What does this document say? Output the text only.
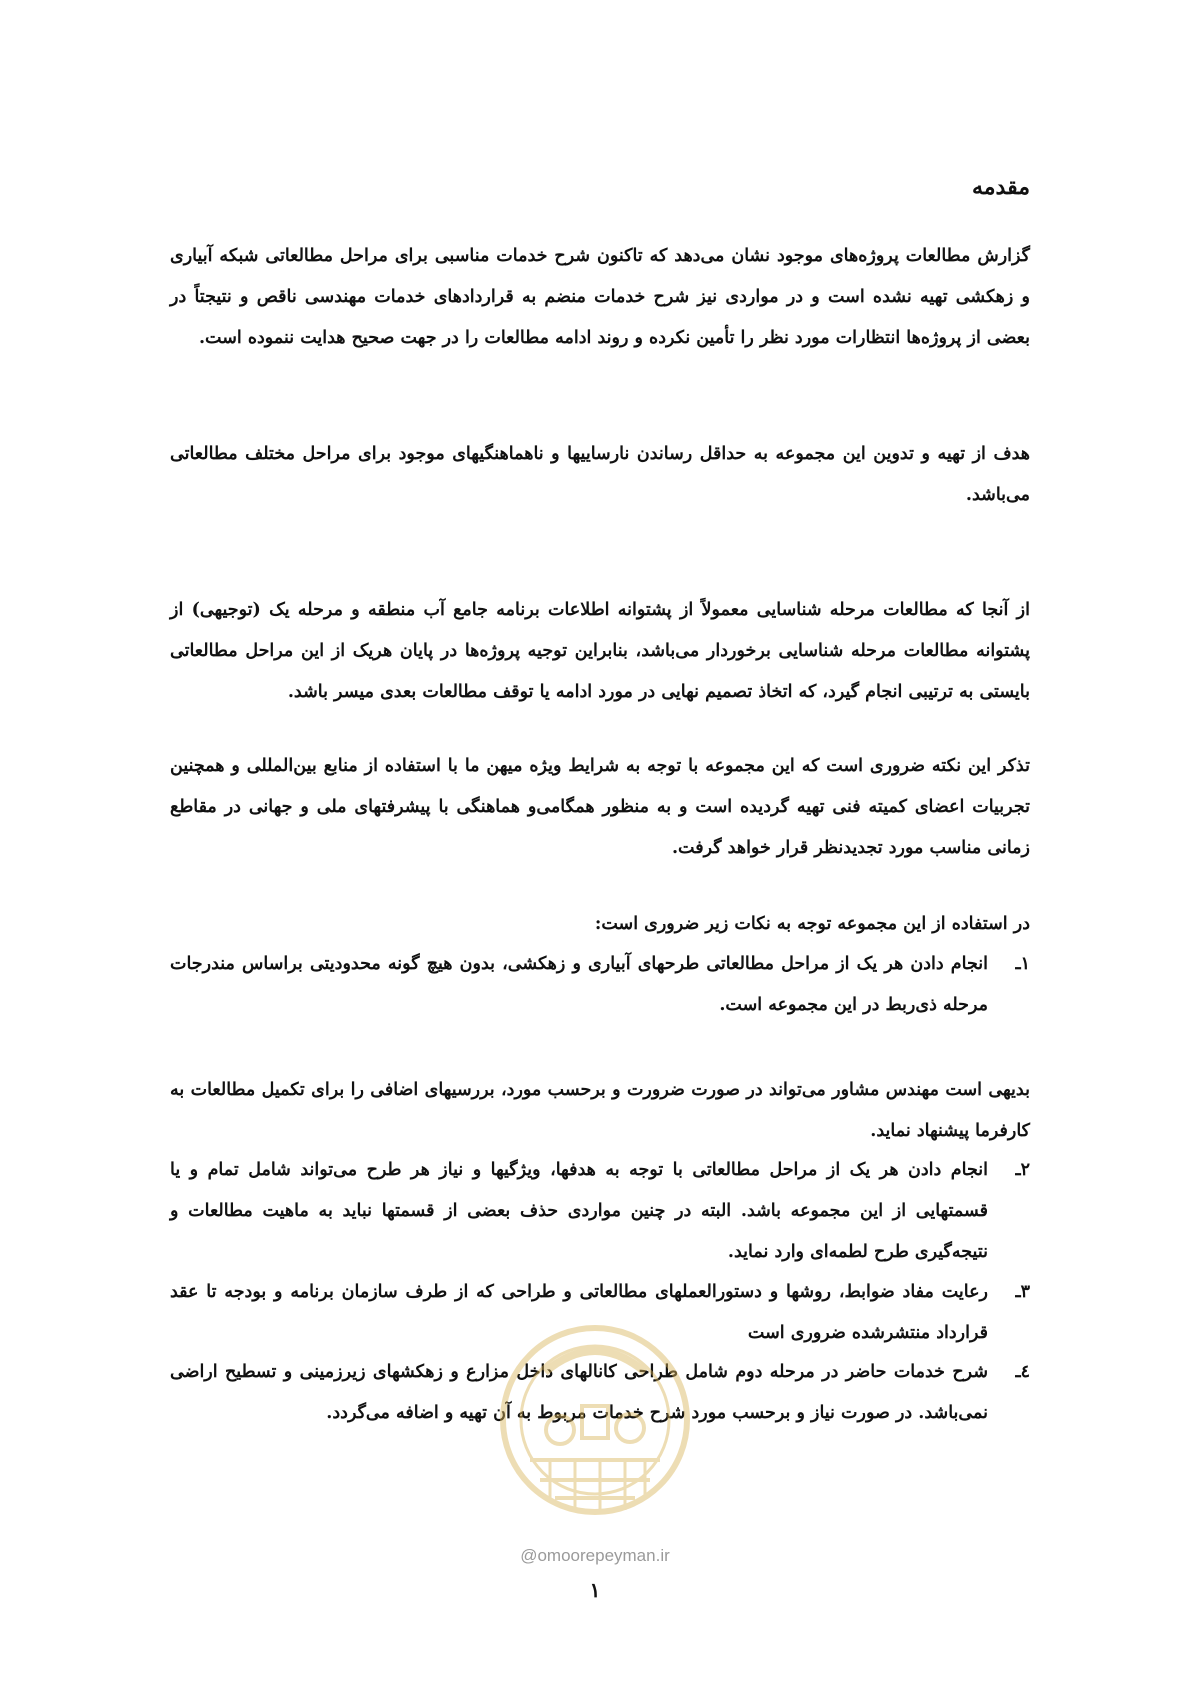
مقدمه

گزارش مطالعات پروژه‌های موجود نشان می‌دهد که تاکنون شرح خدمات مناسبی برای مراحل مطالعاتی شبکه آبیاری و زهکشی تهیه نشده است و در مواردی نیز شرح خدمات منضم به قراردادهای خدمات مهندسی ناقص و نتیجتاً در بعضی از پروژه‌ها انتظارات مورد نظر را تأمین نکرده و روند ادامه مطالعات را در جهت صحیح هدایت ننموده است.

هدف از تهیه و تدوین این مجموعه به حداقل رساندن نارساییها و ناهماهنگیهای موجود برای مراحل مختلف مطالعاتی می‌باشد.

از آنجا که مطالعات مرحله شناسایی معمولاً از پشتوانه اطلاعات برنامه جامع آب منطقه و مرحله یک (توجیهی) از پشتوانه مطالعات مرحله شناسایی برخوردار می‌باشد، بنابراین توجیه پروژه‌ها در پایان هریک از این مراحل مطالعاتی بایستی به ترتیبی انجام گیرد، که اتخاذ تصمیم نهایی در مورد ادامه یا توقف مطالعات بعدی میسر باشد.

تذکر این نکته ضروری است که این مجموعه با توجه به شرایط ویژه میهن ما با استفاده از منابع بین‌المللی و همچنین تجربیات اعضای کمیته فنی تهیه گردیده است و به منظور همگامی‌و هماهنگی با پیشرفتهای ملی و جهانی در مقاطع زمانی مناسب مورد تجدیدنظر قرار خواهد گرفت.

در استفاده از این مجموعه توجه به نکات زیر ضروری است:

۱ـ
انجام دادن هر یک از مراحل مطالعاتی طرحهای آبیاری و زهکشی، بدون هیچ گونه محدودیتی براساس مندرجات مرحله ذی‌ربط در این مجموعه است.

بدیهی است مهندس مشاور می‌تواند در صورت ضرورت و برحسب مورد، بررسیهای اضافی را برای تکمیل مطالعات به کارفرما پیشنهاد نماید.

۲ـ
انجام دادن هر یک از مراحل مطالعاتی با توجه به هدفها، ویژگیها و نیاز هر طرح می‌تواند شامل تمام و یا قسمتهایی از این مجموعه باشد. البته در چنین مواردی حذف بعضی از قسمتها نباید به ماهیت مطالعات و نتیجه‌گیری طرح لطمه‌ای وارد نماید.
۳ـ
رعایت مفاد ضوابط، روشها و دستورالعملهای مطالعاتی و طراحی که از طرف سازمان برنامه و بودجه تا عقد قرارداد منتشرشده ضروری است
٤ـ
شرح خدمات حاضر در مرحله دوم شامل طراحی کانالهای داخل مزارع و زهکشهای زیرزمینی و تسطیح اراضی نمی‌باشد. در صورت نیاز و برحسب مورد شرح خدمات مربوط به آن تهیه و اضافه می‌گردد.
@omoorepeyman.ir
۱
